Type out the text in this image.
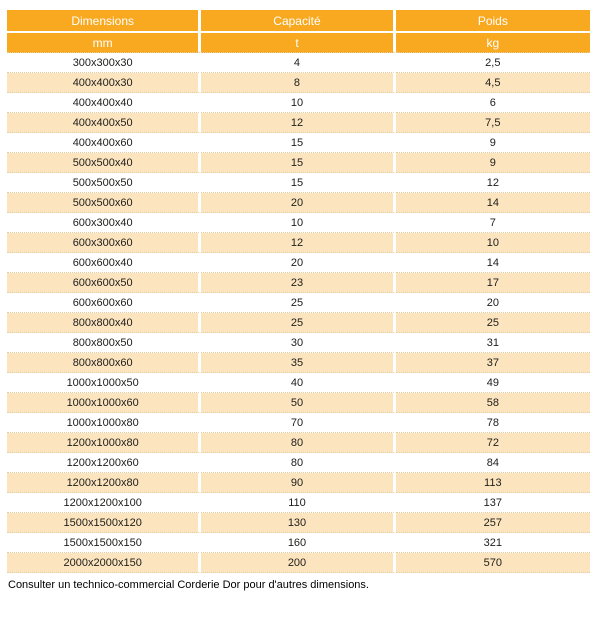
Dimensions	Capacité	Poids
mm	t	kg
300x300x30	4	2,5
400x400x30	8	4,5
400x400x40	10	6
400x400x50	12	7,5
400x400x60	15	9
500x500x40	15	9
500x500x50	15	12
500x500x60	20	14
600x300x40	10	7
600x300x60	12	10
600x600x40	20	14
600x600x50	23	17
600x600x60	25	20
800x800x40	25	25
800x800x50	30	31
800x800x60	35	37
1000x1000x50	40	49
1000x1000x60	50	58
1000x1000x80	70	78
1200x1000x80	80	72
1200x1200x60	80	84
1200x1200x80	90	113
1200x1200x100	110	137
1500x1500x120	130	257
1500x1500x150	160	321
2000x2000x150	200	570
Consulter un technico-commercial Corderie Dor pour d'autres dimensions.
